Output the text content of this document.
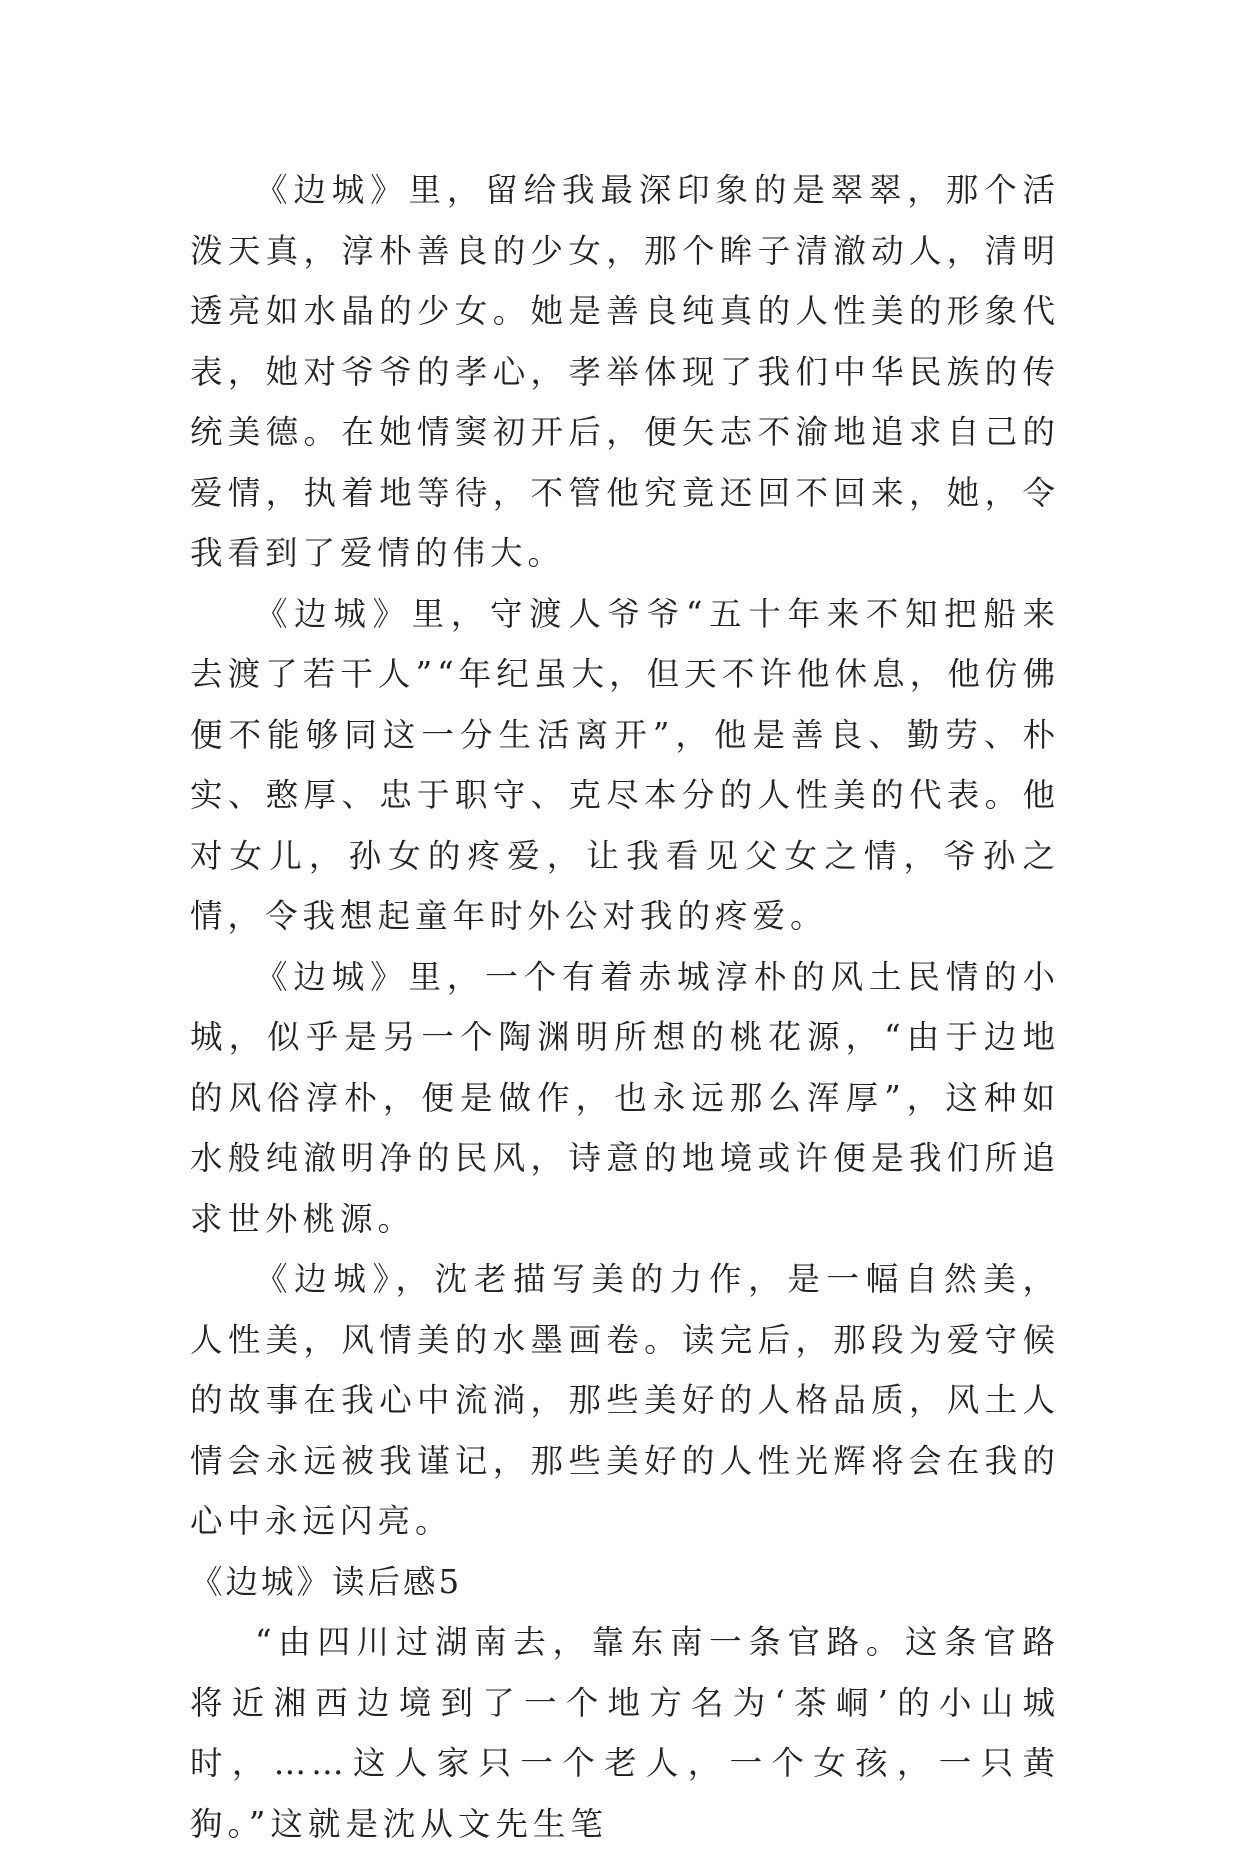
《边城》里，留给我最深印象的是翠翠，那个活泼天真，淳朴善良的少女，那个眸子清澈动人，清明透亮如水晶的少女。她是善良纯真的人性美的形象代表，她对爷爷的孝心，孝举体现了我们中华民族的传统美德。在她情窦初开后，便矢志不渝地追求自己的爱情，执着地等待，不管他究竟还回不回来，她，令我看到了爱情的伟大。

《边城》里，守渡人爷爷“五十年来不知把船来去渡了若干人”“年纪虽大，但天不许他休息，他仿佛便不能够同这一分生活离开”，他是善良、勤劳、朴实、憨厚、忠于职守、克尽本分的人性美的代表。他对女儿，孙女的疼爱，让我看见父女之情，爷孙之情，令我想起童年时外公对我的疼爱。

《边城》里，一个有着赤城淳朴的风土民情的小城，似乎是另一个陶渊明所想的桃花源，“由于边地的风俗淳朴，便是做作，也永远那么浑厚”，这种如水般纯澈明净的民风，诗意的地境或许便是我们所追求世外桃源。

《边城》，沈老描写美的力作，是一幅自然美，人性美，风情美的水墨画卷。读完后，那段为爱守候的故事在我心中流淌，那些美好的人格品质，风土人情会永远被我谨记，那些美好的人性光辉将会在我的心中永远闪亮。

《边城》读后感5

“由四川过湖南去，靠东南一条官路。这条官路将近湘西边境到了一个地方名为‘茶峒’的小山城时，……这人家只一个老人，一个女孩，一只黄狗。”这就是沈从文先生笔
